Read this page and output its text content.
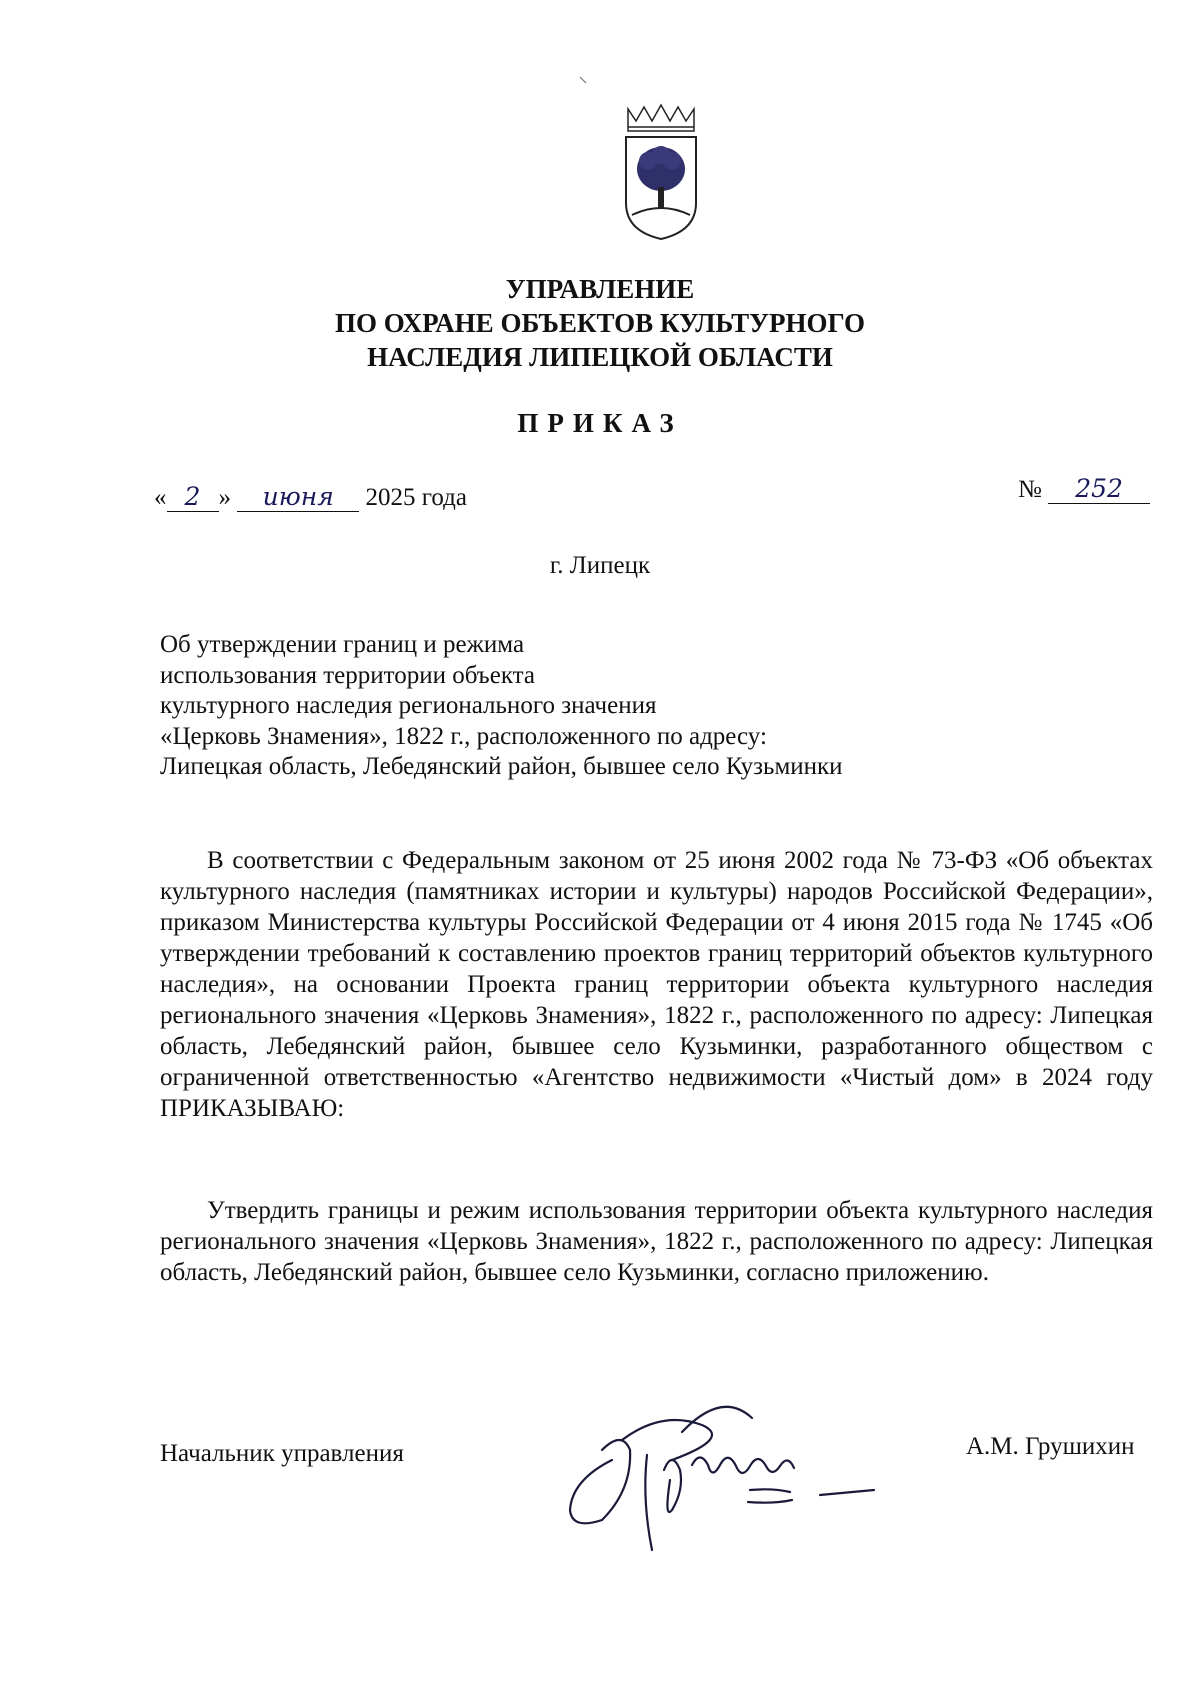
УПРАВЛЕНИЕ
ПО ОХРАНЕ ОБЪЕКТОВ КУЛЬТУРНОГО
НАСЛЕДИЯ ЛИПЕЦКОЙ ОБЛАСТИ
ПРИКАЗ
« 2 » июня 2025 года	№ 252
г. Липецк
Об утверждении границ и режима
использования территории объекта
культурного наследия регионального значения
«Церковь Знамения», 1822 г., расположенного по адресу:
Липецкая область, Лебедянский район, бывшее село Кузьминки
В соответствии с Федеральным законом от 25 июня 2002 года № 73-ФЗ «Об объектах культурного наследия (памятниках истории и культуры) народов Российской Федерации», приказом Министерства культуры Российской Федерации от 4 июня 2015 года № 1745 «Об утверждении требований к составлению проектов границ территорий объектов культурного наследия», на основании Проекта границ территории объекта культурного наследия регионального значения «Церковь Знамения», 1822 г., расположенного по адресу: Липецкая область, Лебедянский район, бывшее село Кузьминки, разработанного обществом с ограниченной ответственностью «Агентство недвижимости «Чистый дом» в 2024 году ПРИКАЗЫВАЮ:
Утвердить границы и режим использования территории объекта культурного наследия регионального значения «Церковь Знамения», 1822 г., расположенного по адресу: Липецкая область, Лебедянский район, бывшее село Кузьминки, согласно приложению.
Начальник управления	А.М. Грушихин
